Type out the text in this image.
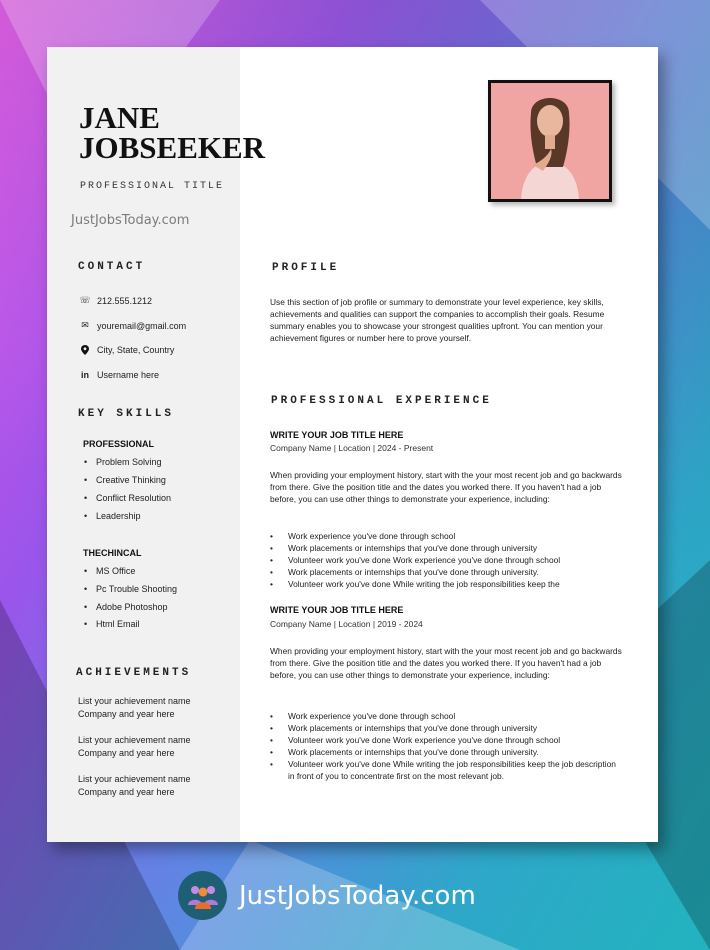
JANE
JOBSEEKER
PROFESSIONAL TITLE
JustJobsToday.com
CONTACT
☏ 212.555.1212
✉ youremail@gmail.com
City, State, Country
in Username here
KEY SKILLS
PROFESSIONAL
• Problem Solving
• Creative Thinking
• Conflict Resolution
• Leadership
THECHINCAL
• MS Office
• Pc Trouble Shooting
• Adobe Photoshop
• Html Email
ACHIEVEMENTS
List your achievement name
Company and year here
List your achievement name
Company and year here
List your achievement name
Company and year here
PROFILE

Use this section of job profile or summary to demonstrate your level experience, key skills, achievements and qualities can support the companies to accomplish their goals. Resume summary enables you to showcase your strongest qualities upfront. You can mention your achievement figures or number here to prove yourself.

PROFESSIONAL EXPERIENCE
WRITE YOUR JOB TITLE HERE
Company Name | Location | 2024 - Present

When providing your employment history, start with the your most recent job and go backwards from there. Give the position title and the dates you worked there. If you haven't had a job before, you can use other things to demonstrate your experience, including:

•	Work experience you've done through school
•	Work placements or internships that you've done through university
•	Volunteer work you've done Work experience you've done through school
•	Work placements or internships that you've done through university.
•	Volunteer work you've done While writing the job responsibilities keep the
WRITE YOUR JOB TITLE HERE
Company Name | Location | 2019 - 2024

When providing your employment history, start with the your most recent job and go backwards from there. Give the position title and the dates you worked there. If you haven't had a job before, you can use other things to demonstrate your experience, including:

•	Work experience you've done through school
•	Work placements or internships that you've done through university
•	Volunteer work you've done Work experience you've done through school
•	Work placements or internships that you've done through university.
•	Volunteer work you've done While writing the job responsibilities keep the job description in front of you to concentrate first on the most relevant job.
JustJobsToday.com
